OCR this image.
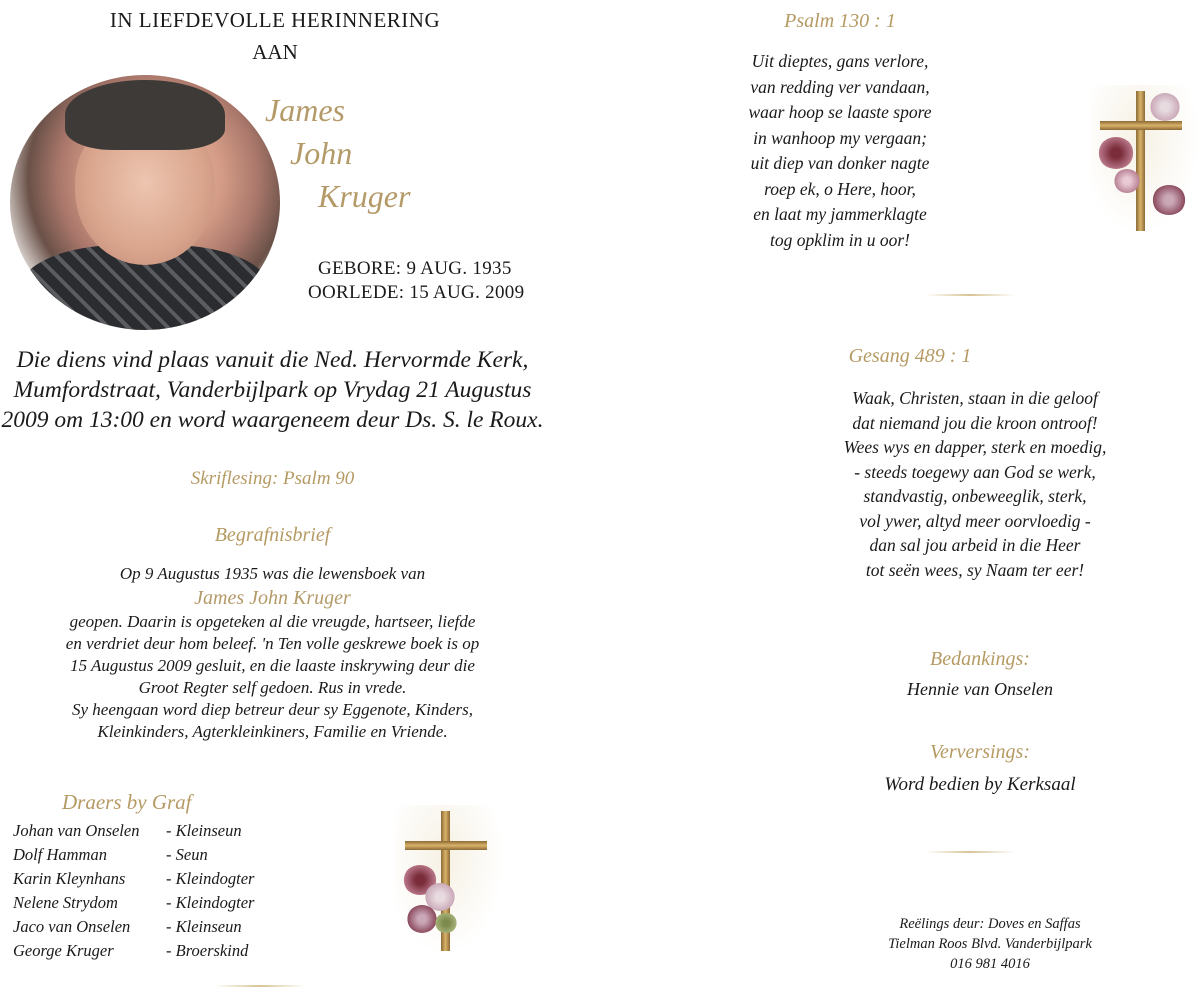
IN LIEFDEVOLLE HERINNERING
AAN
James
John
Kruger
GEBORE: 9 AUG. 1935
OORLEDE: 15 AUG. 2009
Die diens vind plaas vanuit die Ned. Hervormde Kerk,
Mumfordstraat, Vanderbijlpark op Vrydag 21 Augustus
2009 om 13:00 en word waargeneem deur Ds. S. le Roux.
Skriflesing: Psalm 90
Begrafnisbrief
Op 9 Augustus 1935 was die lewensboek van
James John Kruger
geopen. Daarin is opgeteken al die vreugde, hartseer, liefde
en verdriet deur hom beleef. 'n Ten volle geskrewe boek is op
15 Augustus 2009 gesluit, en die laaste inskrywing deur die
Groot Regter self gedoen. Rus in vrede.
Sy heengaan word diep betreur deur sy Eggenote, Kinders,
Kleinkinders, Agterkleinkiners, Familie en Vriende.
Draers by Graf
Johan van Onselen	- Kleinseun
Dolf Hamman	- Seun
Karin Kleynhans	- Kleindogter
Nelene Strydom	- Kleindogter
Jaco van Onselen	- Kleinseun
George Kruger	- Broerskind
Psalm 130 : 1
Uit dieptes, gans verlore,
van redding ver vandaan,
waar hoop se laaste spore
in wanhoop my vergaan;
uit diep van donker nagte
roep ek, o Here, hoor,
en laat my jammerklagte
tog opklim in u oor!
Gesang 489 : 1
Waak, Christen, staan in die geloof
dat niemand jou die kroon ontroof!
Wees wys en dapper, sterk en moedig,
- steeds toegewy aan God se werk,
standvastig, onbeweeglik, sterk,
vol ywer, altyd meer oorvloedig -
dan sal jou arbeid in die Heer
tot seën wees, sy Naam ter eer!
Bedankings:
Hennie van Onselen
Verversings:
Word bedien by Kerksaal
Reëlings deur: Doves en Saffas
Tielman Roos Blvd. Vanderbijlpark
016 981 4016
